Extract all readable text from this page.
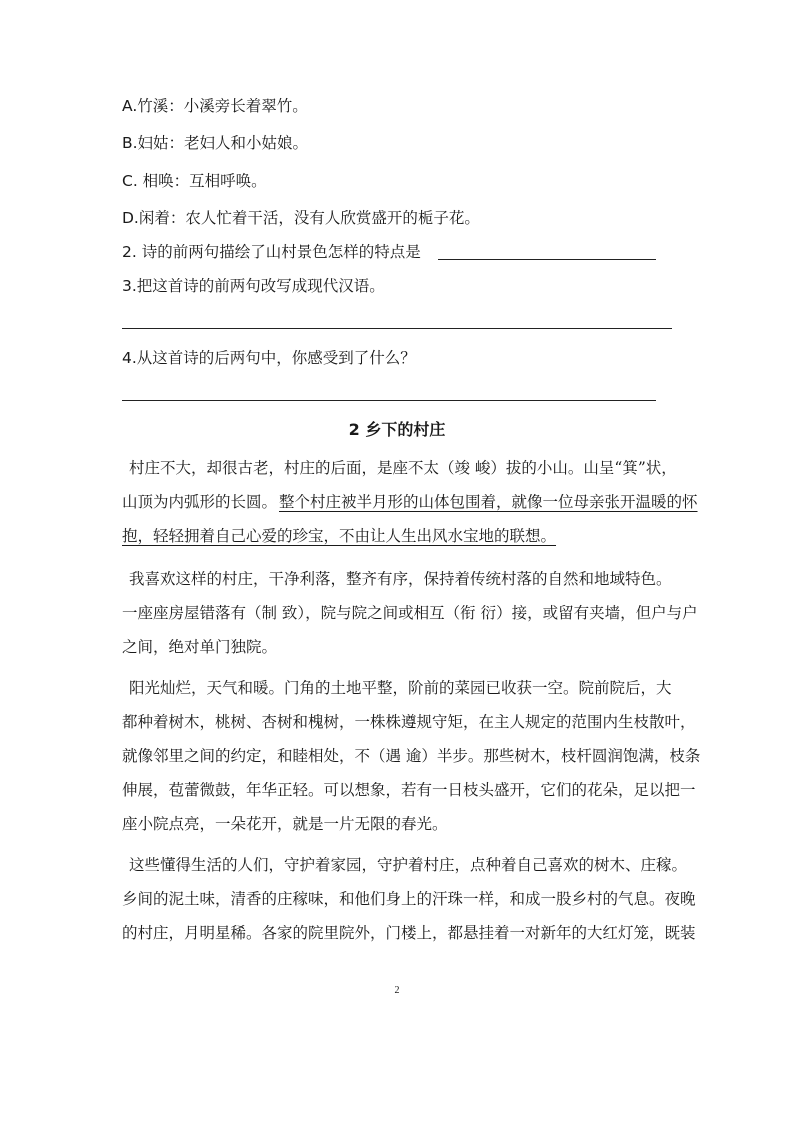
A.竹溪：小溪旁长着翠竹。
B.妇姑：老妇人和小姑娘。
C. 相唤：互相呼唤。
D.闲着：农人忙着干活，没有人欣赏盛开的栀子花。
2. 诗的前两句描绘了山村景色怎样的特点是
3.把这首诗的前两句改写成现代汉语。
4.从这首诗的后两句中，你感受到了什么？
2 乡下的村庄
村庄不大，却很古老，村庄的后面，是座不太（竣 峻）拔的小山。山呈“箕”状，
山顶为内弧形的长圆。 整个村庄被半月形的山体包围着，就像一位母亲张开温暖的怀
抱，轻轻拥着自己心爱的珍宝，不由让人生出风水宝地的联想。
我喜欢这样的村庄，干净利落，整齐有序，保持着传统村落的自然和地域特色。
一座座房屋错落有（制 致），院与院之间或相互（衔 衍）接，或留有夹墙，但户与户
之间，绝对单门独院。
阳光灿烂，天气和暖。门角的土地平整，阶前的菜园已收获一空。院前院后，大
都种着树木，桃树、杏树和槐树，一株株遵规守矩，在主人规定的范围内生枝散叶，
就像邻里之间的约定，和睦相处，不（遇 逾）半步。那些树木，枝杆圆润饱满，枝条
伸展，苞蕾微鼓，年华正轻。可以想象，若有一日枝头盛开，它们的花朵，足以把一
座小院点亮，一朵花开，就是一片无限的春光。
这些懂得生活的人们，守护着家园，守护着村庄，点种着自己喜欢的树木、庄稼。
乡间的泥土味，清香的庄稼味，和他们身上的汗珠一样，和成一股乡村的气息。夜晚
的村庄，月明星稀。各家的院里院外，门楼上，都悬挂着一对新年的大红灯笼，既装
2
